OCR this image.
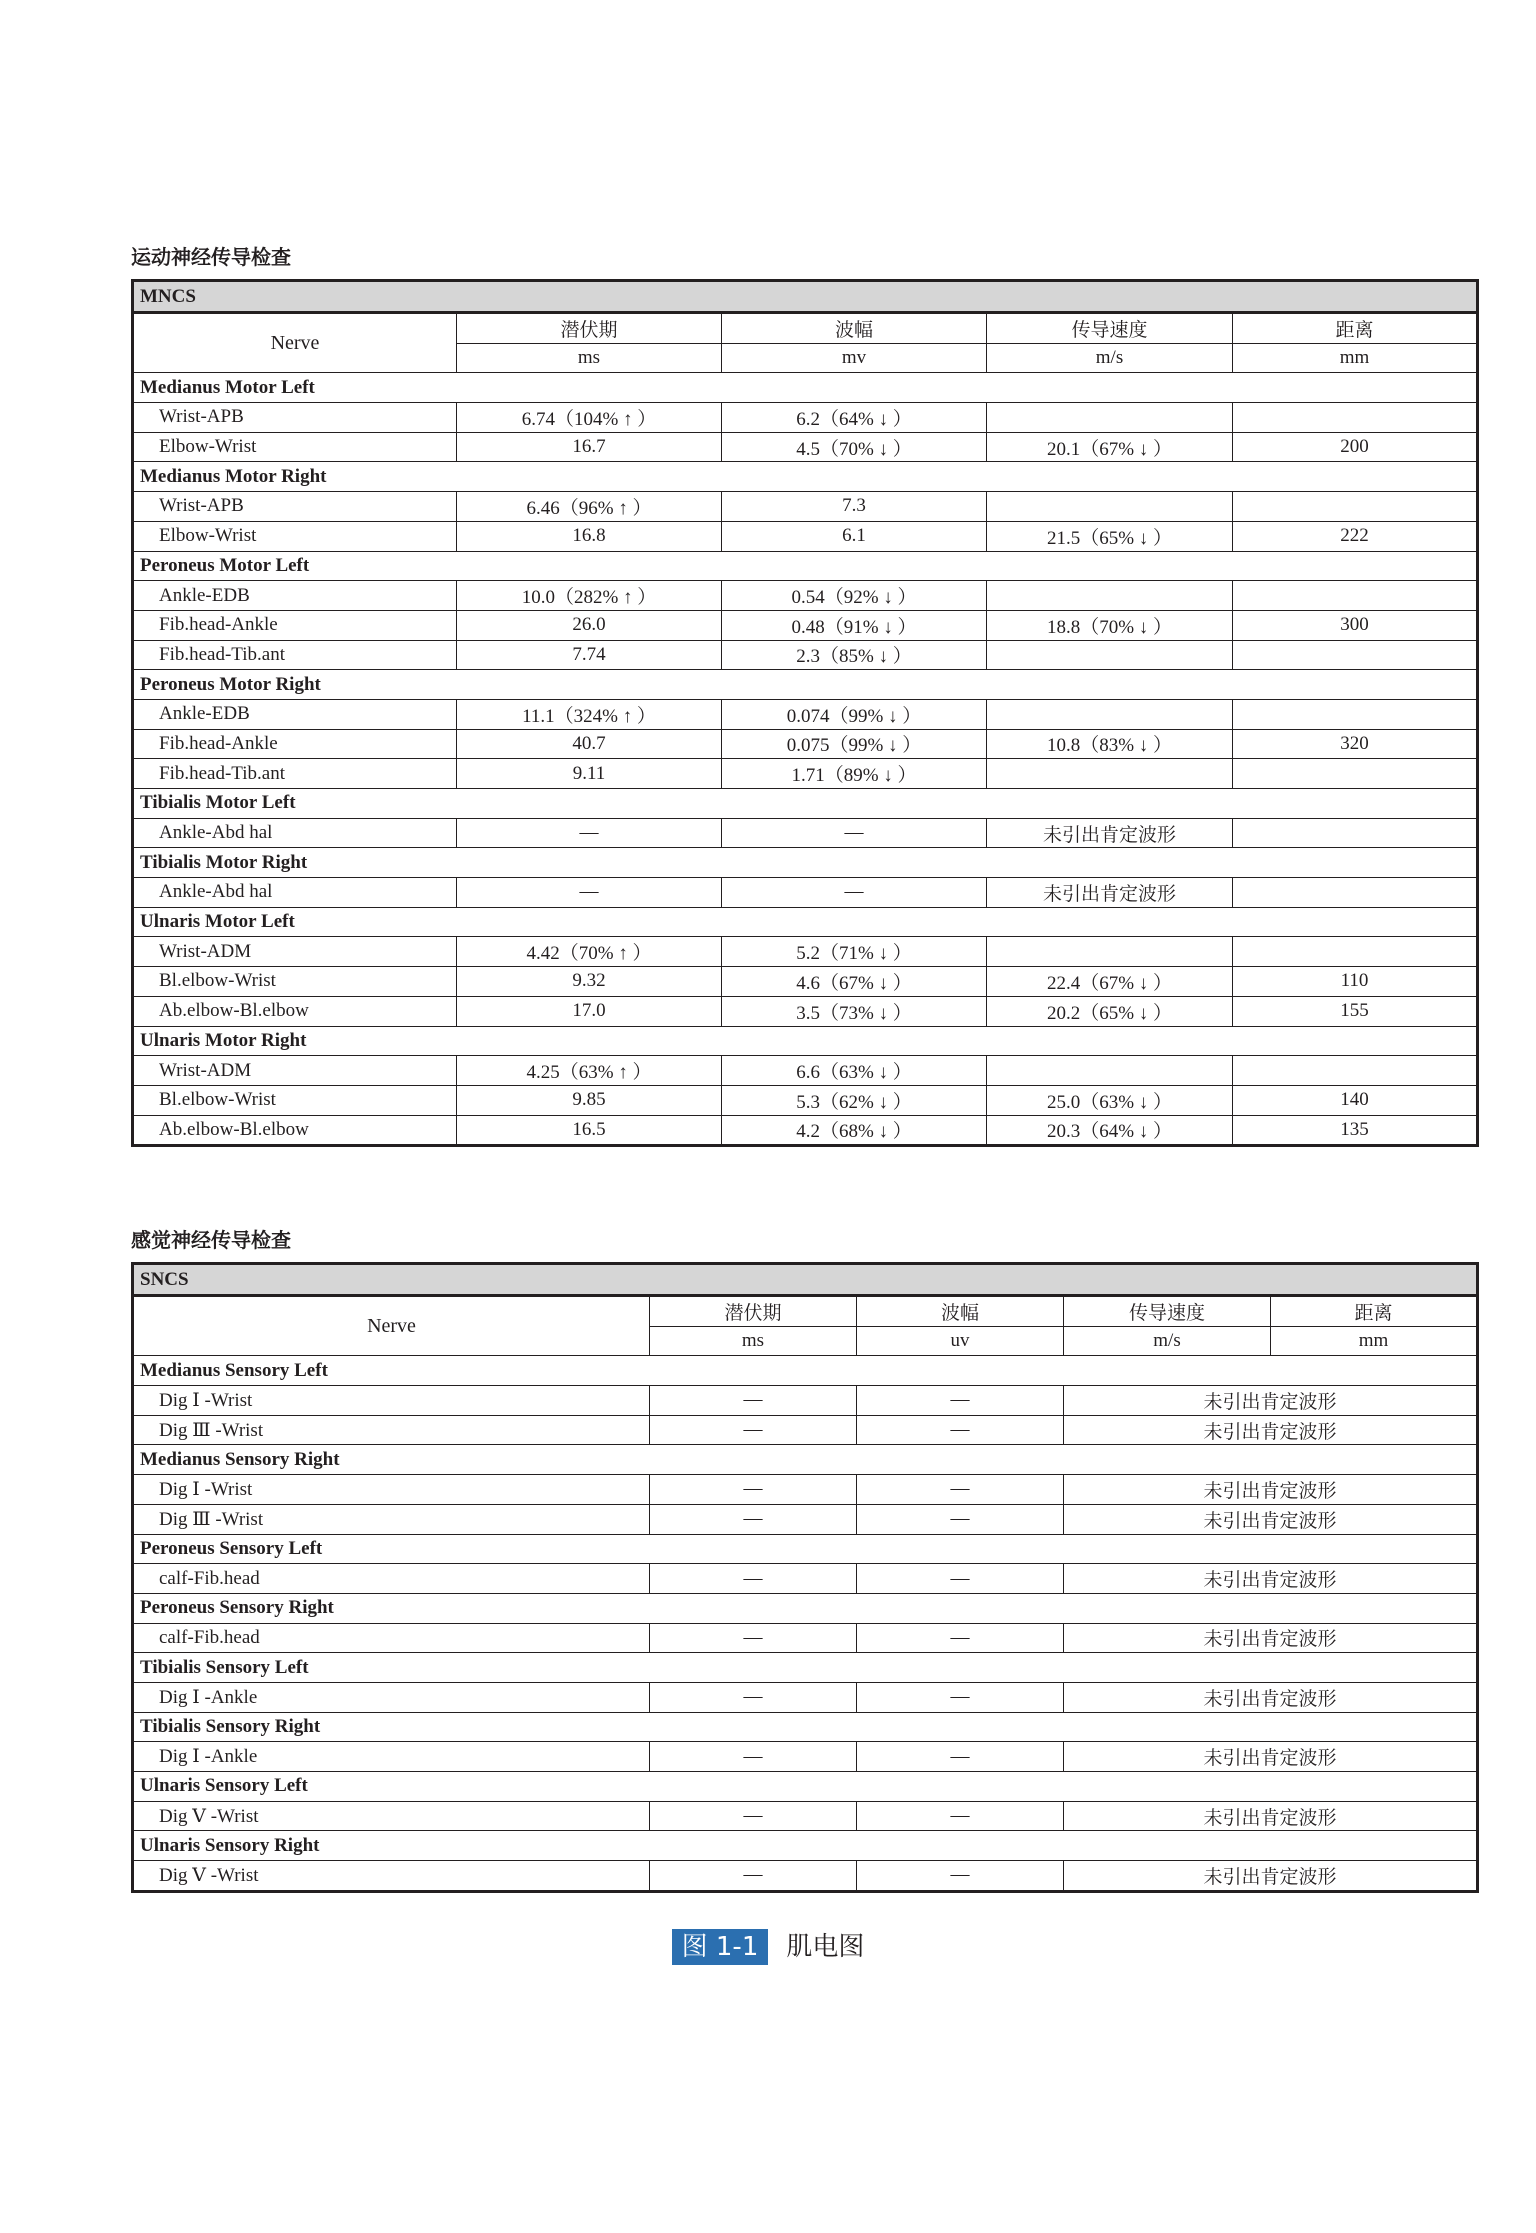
运动神经传导检查
MNCS				
Nerve	潜伏期	波幅	传导速度	距离
	ms	mv	m/s	mm
Medianus Motor Left				
Wrist-APB	6.74（104% ↑ ）	6.2（64% ↓ ）		
Elbow-Wrist	16.7	4.5（70% ↓ ）	20.1（67% ↓ ）	200
Medianus Motor Right				
Wrist-APB	6.46（96% ↑ ）	7.3		
Elbow-Wrist	16.8	6.1	21.5（65% ↓ ）	222
Peroneus Motor Left				
Ankle-EDB	10.0（282% ↑ ）	0.54（92% ↓ ）		
Fib.head-Ankle	26.0	0.48（91% ↓ ）	18.8（70% ↓ ）	300
Fib.head-Tib.ant	7.74	2.3（85% ↓ ）		
Peroneus Motor Right				
Ankle-EDB	11.1（324% ↑ ）	0.074（99% ↓ ）		
Fib.head-Ankle	40.7	0.075（99% ↓ ）	10.8（83% ↓ ）	320
Fib.head-Tib.ant	9.11	1.71（89% ↓ ）		
Tibialis Motor Left				
Ankle-Abd hal	—	—	未引出肯定波形	
Tibialis Motor Right				
Ankle-Abd hal	—	—	未引出肯定波形	
Ulnaris Motor Left				
Wrist-ADM	4.42（70% ↑ ）	5.2（71% ↓ ）		
Bl.elbow-Wrist	9.32	4.6（67% ↓ ）	22.4（67% ↓ ）	110
Ab.elbow-Bl.elbow	17.0	3.5（73% ↓ ）	20.2（65% ↓ ）	155
Ulnaris Motor Right				
Wrist-ADM	4.25（63% ↑ ）	6.6（63% ↓ ）		
Bl.elbow-Wrist	9.85	5.3（62% ↓ ）	25.0（63% ↓ ）	140
Ab.elbow-Bl.elbow	16.5	4.2（68% ↓ ）	20.3（64% ↓ ）	135
感觉神经传导检查
SNCS				
Nerve	潜伏期	波幅	传导速度	距离
	ms	uv	m/s	mm
Medianus Sensory Left				
Dig Ⅰ -Wrist	—	—	未引出肯定波形	
Dig Ⅲ -Wrist	—	—	未引出肯定波形	
Medianus Sensory Right				
Dig Ⅰ -Wrist	—	—	未引出肯定波形	
Dig Ⅲ -Wrist	—	—	未引出肯定波形	
Peroneus Sensory Left				
calf-Fib.head	—	—	未引出肯定波形	
Peroneus Sensory Right				
calf-Fib.head	—	—	未引出肯定波形	
Tibialis Sensory Left				
Dig Ⅰ -Ankle	—	—	未引出肯定波形	
Tibialis Sensory Right				
Dig Ⅰ -Ankle	—	—	未引出肯定波形	
Ulnaris Sensory Left				
Dig Ⅴ -Wrist	—	—	未引出肯定波形	
Ulnaris Sensory Right				
Dig Ⅴ -Wrist	—	—	未引出肯定波形	
图 1-1 肌电图
